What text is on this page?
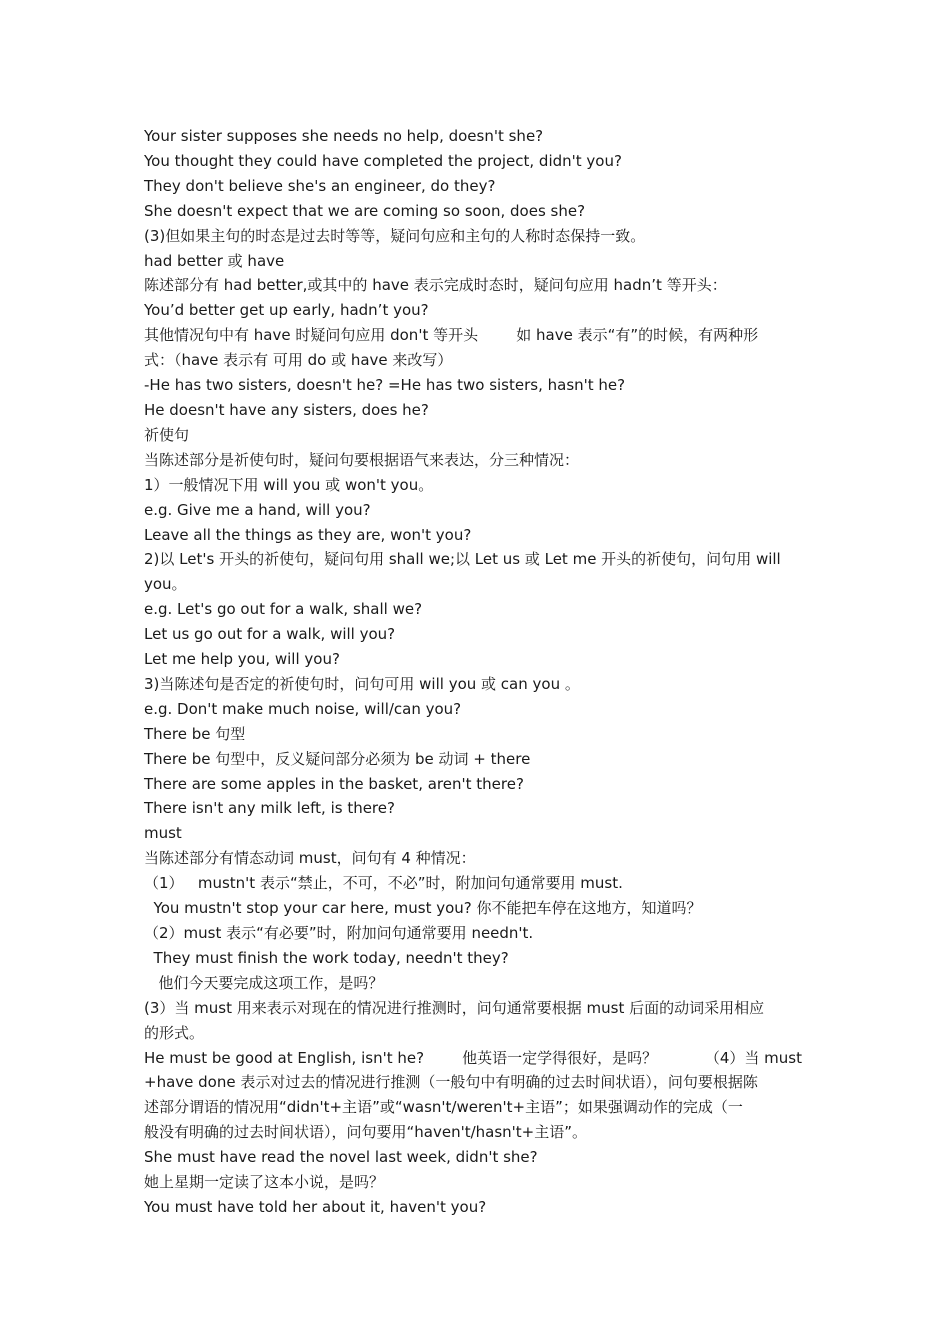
Your sister supposes she needs no help, doesn't she?

You thought they could have completed the project, didn't you?

They don't believe she's an engineer, do they?

She doesn't expect that we are coming so soon, does she?

(3)但如果主句的时态是过去时等等，疑问句应和主句的人称时态保持一致。

had better 或 have

陈述部分有 had better,或其中的 have 表示完成时态时，疑问句应用 hadn’t 等开头：

You’d better get up early, hadn’t you?

其他情况句中有 have 时疑问句应用 don't 等开头        如 have 表示“有”的时候，有两种形

式：（have 表示有 可用 do 或 have 来改写）

-He has two sisters, doesn't he? =He has two sisters, hasn't he?

He doesn't have any sisters, does he?

祈使句

当陈述部分是祈使句时，疑问句要根据语气来表达，分三种情况：

1）一般情况下用 will you 或 won't you。

e.g. Give me a hand, will you?

Leave all the things as they are, won't you?

2)以 Let's 开头的祈使句，疑问句用 shall we;以 Let us 或 Let me 开头的祈使句，问句用 will

you。

e.g. Let's go out for a walk, shall we?

Let us go out for a walk, will you?

Let me help you, will you?

3)当陈述句是否定的祈使句时，问句可用 will you 或 can you 。

e.g. Don't make much noise, will/can you?

There be 句型

There be 句型中，反义疑问部分必须为 be 动词 + there

There are some apples in the basket, aren't there?

There isn't any milk left, is there?

must

当陈述部分有情态动词 must，问句有 4 种情况：

（1）   mustn't 表示“禁止，不可，不必”时，附加问句通常要用 must.

You mustn't stop your car here, must you? 你不能把车停在这地方，知道吗？

（2）must 表示“有必要”时，附加问句通常要用 needn't.

They must finish the work today, needn't they?

他们今天要完成这项工作，是吗？

(3）当 must 用来表示对现在的情况进行推测时，问句通常要根据 must 后面的动词采用相应

的形式。

He must be good at English, isn't he?        他英语一定学得很好，是吗？          （4）当 must

+have done 表示对过去的情况进行推测（一般句中有明确的过去时间状语），问句要根据陈

述部分谓语的情况用“didn't+主语”或“wasn't/weren't+主语”；如果强调动作的完成（一

般没有明确的过去时间状语），问句要用“haven't/hasn't+主语”。

She must have read the novel last week, didn't she?

她上星期一定读了这本小说，是吗？

You must have told her about it, haven't you?
